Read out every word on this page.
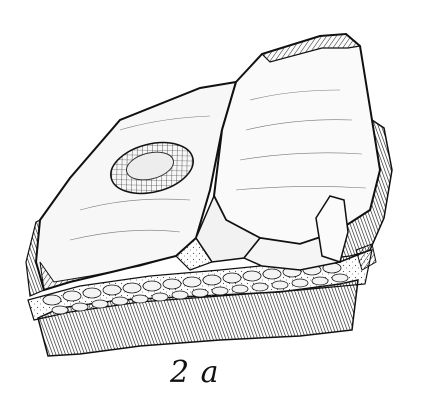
2 a
